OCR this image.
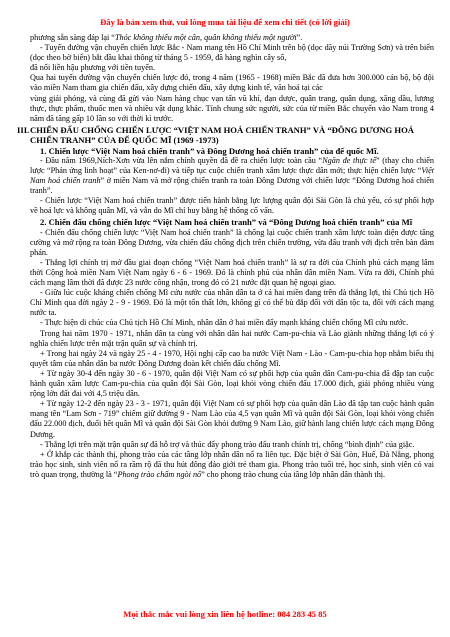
Đây là bản xem thử, vui lòng mua tài liệu để xem chi tiết (có lời giải)

phương sẵn sàng đáp lại “Thóc không thiếu một cân, quân không thiếu một người”.

- Tuyến đường vận chuyển chiến lược Bắc - Nam mang tên Hồ Chí Minh trên bộ (dọc dãy núi Trường Sơn) và trên biển (dọc theo bờ biển) bắt đầu khai thông từ tháng 5 - 1959, đã hàng nghìn cây số,

đã nối liền hậu phương với tiền tuyến.

Qua hai tuyến đường vận chuyển chiến lược đó, trong 4 năm (1965 - 1968) miền Bắc đã đưa hơn 300.000 cán bộ, bộ đội vào miền Nam tham gia chiến đấu, xây dựng chiến đấu, xây dựng kinh tế, văn hoá tại các

vùng giải phóng, và cùng đã gửi vào Nam hàng chục vạn tấn vũ khí, đạn dược, quân trang, quân dụng, xăng dầu, lương thực, thực phẩm, thuốc men và nhiều vật dụng khác. Tính chung sức người, sức của từ miền Bắc chuyển vào Nam trong 4 năm đã tăng gấp 10 lần so với thời kì trước.

III. CHIẾN ĐẤU CHỐNG CHIẾN LƯỢC “VIỆT NAM HOÁ CHIẾN TRANH” VÀ “ĐÔNG DƯƠNG HOÁ CHIẾN TRANH” CỦA ĐẾ QUỐC MĨ (1969 -1973)

1. Chiến lược “Việt Nam hoá chiến tranh” và Đông Dương hoá chiến tranh” của đế quốc Mĩ.

- Đầu năm 1969,Ních-Xơn vừa lên nắm chính quyền đã đề ra chiến lược toàn cầu “Ngăn đe thực tế” (thay cho chiến lược “Phản ứng linh hoạt” của Ken-nơ-đi) và tiếp tục cuộc chiến tranh xâm lược thực dân mới; thực hiện chiến lược “Việt Nam hoá chiến tranh” ở miền Nam và mở rộng chiến tranh ra toàn Đông Dương với chiến lược “Đông Dương hoá chiến tranh”.

- Chiến lược “Việt Nam hoá chiến tranh” được tiến hành bằng lực lượng quân đội Sài Gòn là chủ yếu, có sự phối hợp về hoả lực và không quân Mĩ, và vẫn do Mĩ chỉ huy bằng hệ thống cố vấn.

2. Chiến đấu chống chiến lược “Việt Nam hoá chiến tranh” và “Đông Dương hoá chiến tranh” của Mĩ

- Chiến đấu chống chiến lược “Việt Nam hoá chiến tranh” là chống lại cuộc chiến tranh xâm lược toàn diện được tăng cường và mở rộng ra toàn Đông Dương, vừa chiến đấu chống địch trên chiến trường, vừa đấu tranh với địch trên bàn đàm phán.

- Thắng lợi chính trị mở đầu giai đoạn chống “Việt Nam hoá chiến tranh” là sự ra đời của Chính phủ cách mạng lâm thời Cộng hoà miền Nam Việt Nam ngày 6 - 6 - 1969. Đó là chính phủ của nhân dân miền Nam. Vừa ra đời, Chính phủ cách mạng lâm thời đã được 23 nước công nhận, trong đó có 21 nước đặt quan hệ ngoại giao.

- Giữa lúc cuộc kháng chiến chống Mĩ cứu nước của nhân dân ta ở cả hai miền đang trên đà thắng lợi, thì Chủ tịch Hồ Chí Minh qua đời ngày 2 - 9 - 1969. Đó là một tổn thất lớn, không gì có thể bù đắp đối với dân tộc ta, đối với cách mạng nước ta.

- Thực hiện di chúc của Chủ tịch Hồ Chí Minh, nhân dân ở hai miền đẩy mạnh kháng chiến chống Mĩ cứu nước.

Trong hai năm 1970 - 1971, nhân dân ta cùng với nhân dân hai nước Cam-pu-chia và Lào giành những thắng lợi có ý nghĩa chiến lược trên mặt trận quân sự và chính trị.

+ Trong hai ngày 24 và ngày 25 - 4 - 1970, Hội nghị cấp cao ba nước Việt Nam - Lào - Cam-pu-chia họp nhằm biểu thị quyết tâm của nhân dân ba nước Đông Dương đoàn kết chiến đấu chống Mĩ.

+ Từ ngày 30-4 đến ngày 30 - 6 - 1970, quân đội Việt Nam có sự phối hợp của quân dân Cam-pu-chia đã đập tan cuộc hành quân xâm lược Cam-pu-chia của quân đội Sài Gòn, loại khỏi vòng chiến đấu 17.000 địch, giải phóng nhiều vùng rộng lớn đất đai với 4,5 triệu dân.

+ Từ ngày 12-2 đến ngày 23 - 3 - 1971, quân đội Việt Nam có sự phối hợp của quân dân Lào đã tập tan cuộc hành quân mang tên “Lam Sơn - 719” chiếm giữ đường 9 - Nam Lào của 4,5 vạn quân Mĩ và quân đội Sài Gòn, loại khỏi vòng chiến đấu 22.000 địch, đuổi hết quân Mĩ và quân đội Sài Gòn khỏi đường 9 Nam Lào, giữ hành lang chiến lược cách mạng Đông Dương.

- Thắng lợi trên mặt trận quân sự đã hỗ trợ và thúc đẩy phong trào đấu tranh chính trị, chống “bình định” của giặc.

+ Ở khắp các thành thị, phong trào của các tầng lớp nhân dân nổ ra liên tục. Đặc biệt ở Sài Gòn, Huế, Đà Nẵng, phong trào học sinh, sinh viên nổ ra rầm rộ đã thu hút đông đảo giới trẻ tham gia. Phong trào tuổi trẻ, học sinh, sinh viên có vai trò quan trọng, thường là “Phong trào chấm ngòi nổ” cho phong trào chung của tầng lớp nhân dân thành thị.

Mọi thắc mắc vui lòng xin liên hệ hotline: 084 283 45 85
